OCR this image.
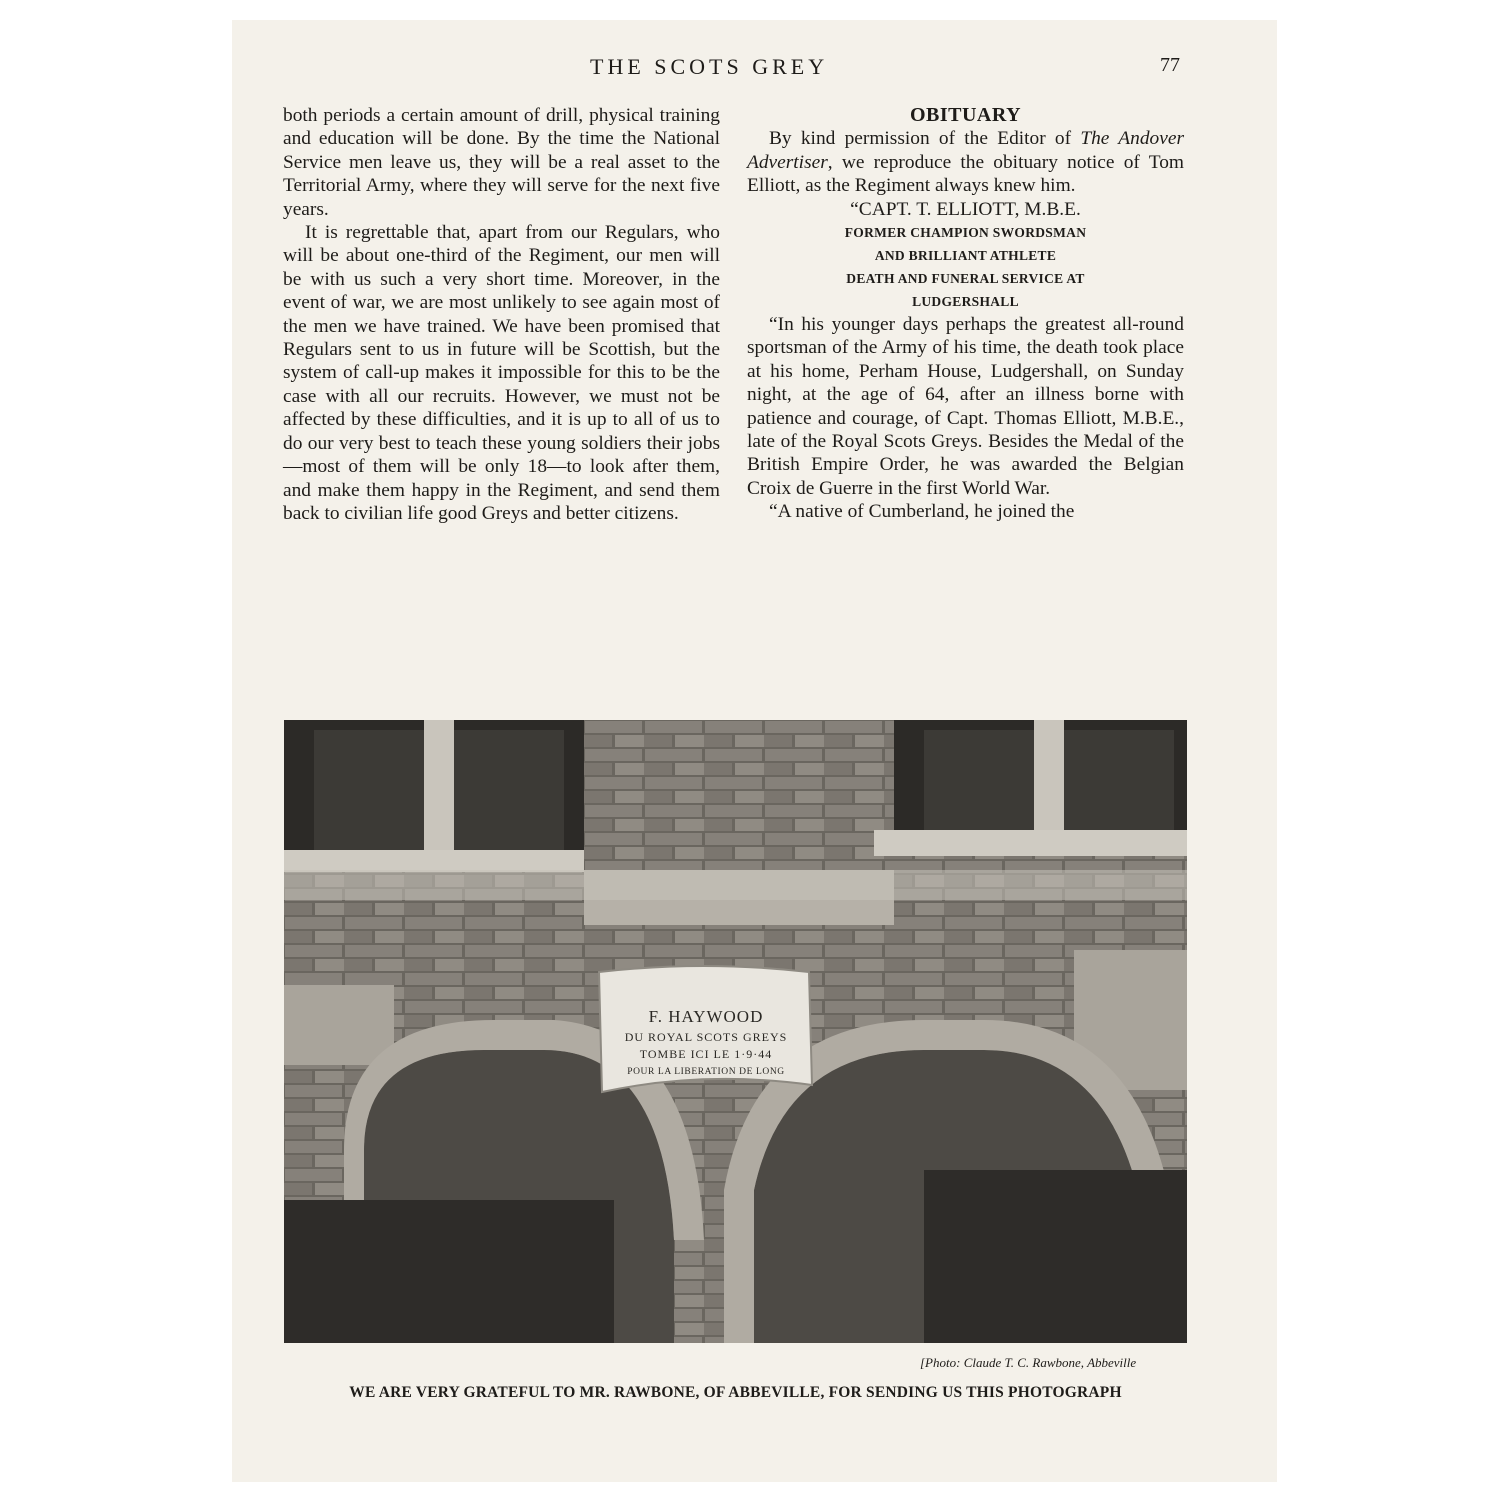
THE SCOTS GREY	77

both periods a certain amount of drill, physical training and education will be done. By the time the National Service men leave us, they will be a real asset to the Territorial Army, where they will serve for the next five years.

It is regrettable that, apart from our Regulars, who will be about one-third of the Regiment, our men will be with us such a very short time. Moreover, in the event of war, we are most unlikely to see again most of the men we have trained. We have been promised that Regulars sent to us in future will be Scottish, but the system of call-up makes it impossible for this to be the case with all our recruits. However, we must not be affected by these difficulties, and it is up to all of us to do our very best to teach these young soldiers their jobs—most of them will be only 18—to look after them, and make them happy in the Regiment, and send them back to civilian life good Greys and better citizens.

OBITUARY

By kind permission of the Editor of The Andover Advertiser, we reproduce the obituary notice of Tom Elliott, as the Regiment always knew him.

“CAPT. T. ELLIOTT, M.B.E.

FORMER CHAMPION SWORDSMAN

AND BRILLIANT ATHLETE

DEATH AND FUNERAL SERVICE AT

LUDGERSHALL

“In his younger days perhaps the greatest all-round sportsman of the Army of his time, the death took place at his home, Perham House, Ludgershall, on Sunday night, at the age of 64, after an illness borne with patience and courage, of Capt. Thomas Elliott, M.B.E., late of the Royal Scots Greys. Besides the Medal of the British Empire Order, he was awarded the Belgian Croix de Guerre in the first World War.

“A native of Cumberland, he joined the

F. HAYWOOD
DU ROYAL SCOTS GREYS
TOMBE ICI LE 1·9·44
POUR LA LIBERATION DE LONG
[Photo: Claude T. C. Rawbone, Abbeville
WE ARE VERY GRATEFUL TO MR. RAWBONE, OF ABBEVILLE, FOR SENDING US THIS PHOTOGRAPH
